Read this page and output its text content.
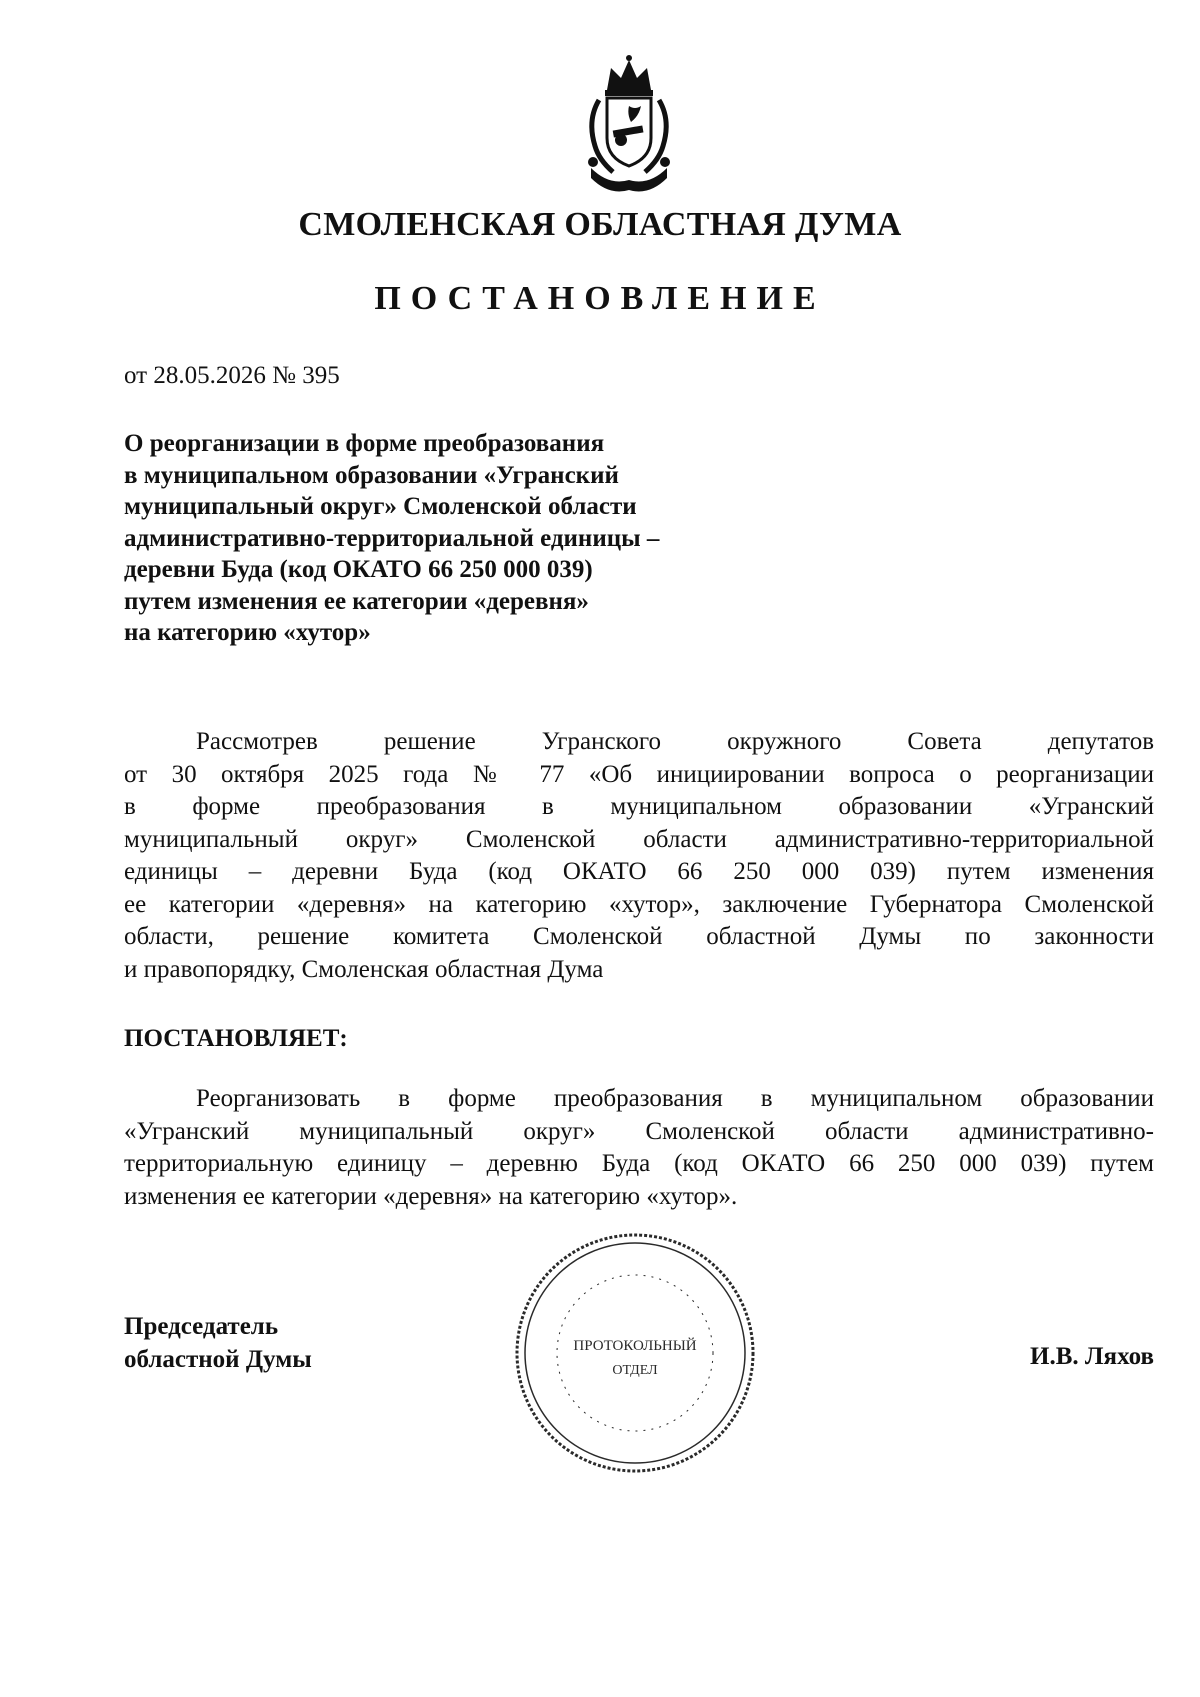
СМОЛЕНСКАЯ ОБЛАСТНАЯ ДУМА
ПОСТАНОВЛЕНИЕ
от 28.05.2026 № 395
О реорганизации в форме преобразования
в муниципальном образовании «Угранский
муниципальный округ» Смоленской области
административно-территориальной единицы –
деревни Буда (код ОКАТО 66 250 000 039)
путем изменения ее категории «деревня»
на категорию «хутор»
Рассмотрев решение Угранского окружного Совета депутатов
от 30 октября 2025 года № 77 «Об инициировании вопроса о реорганизации
в форме преобразования в муниципальном образовании «Угранский
муниципальный округ» Смоленской области административно-территориальной
единицы – деревни Буда (код ОКАТО 66 250 000 039) путем изменения
ее категории «деревня» на категорию «хутор», заключение Губернатора Смоленской
области, решение комитета Смоленской областной Думы по законности
и правопорядку, Смоленская областная Дума
ПОСТАНОВЛЯЕТ:
Реорганизовать в форме преобразования в муниципальном образовании
«Угранский муниципальный округ» Смоленской области административно-
территориальную единицу – деревню Буда (код ОКАТО 66 250 000 039) путем
изменения ее категории «деревня» на категорию «хутор».
Председатель
областной Думы	И.В. Ляхов
ПРОТОКОЛЬНЫЙ
ОТДЕЛ
